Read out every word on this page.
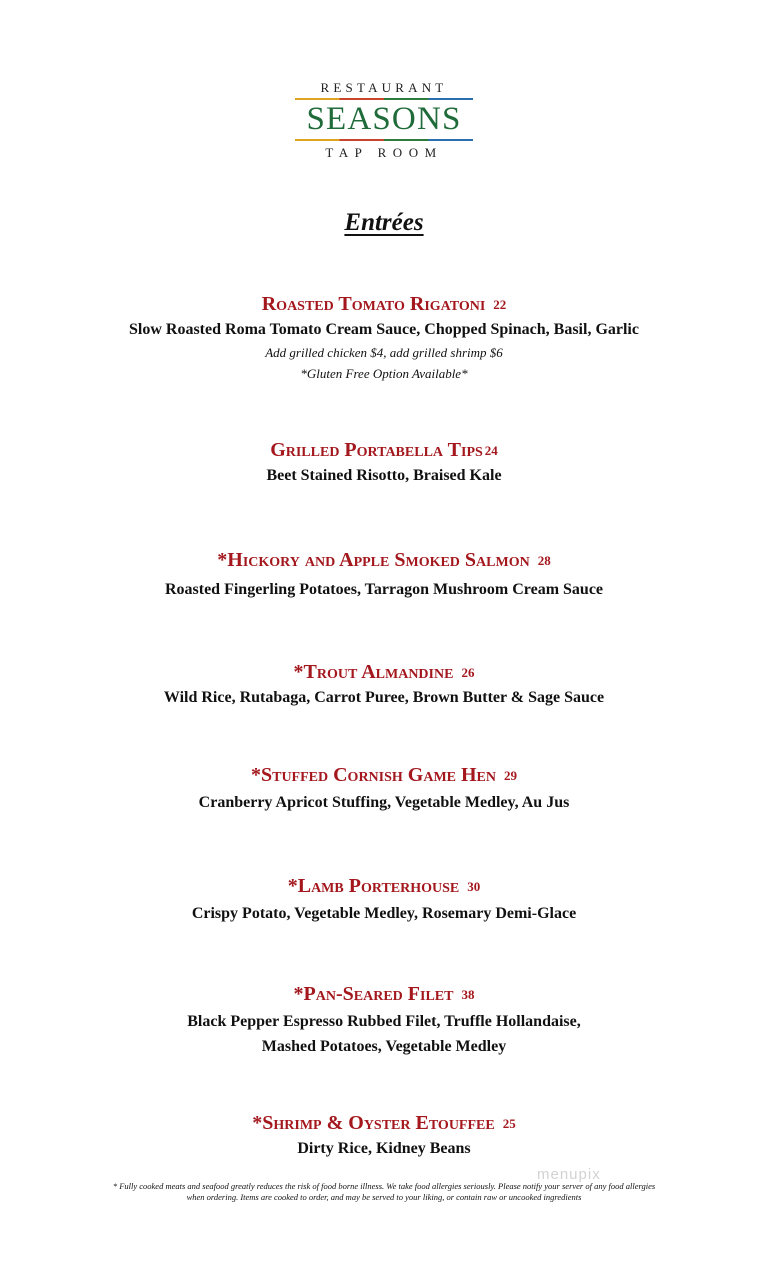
RESTAURANT
SEASONS
TAP ROOM
Entrées
Roasted Tomato Rigatoni 22
Slow Roasted Roma Tomato Cream Sauce, Chopped Spinach, Basil, Garlic
Add grilled chicken $4, add grilled shrimp $6
*Gluten Free Option Available*
Grilled Portabella Tips 24
Beet Stained Risotto, Braised Kale
*Hickory and Apple Smoked Salmon 28
Roasted Fingerling Potatoes, Tarragon Mushroom Cream Sauce
*Trout Almandine 26
Wild Rice, Rutabaga, Carrot Puree, Brown Butter & Sage Sauce
*Stuffed Cornish Game Hen 29
Cranberry Apricot Stuffing, Vegetable Medley, Au Jus
*Lamb Porterhouse 30
Crispy Potato, Vegetable Medley, Rosemary Demi-Glace
*Pan-Seared Filet 38
Black Pepper Espresso Rubbed Filet, Truffle Hollandaise,
Mashed Potatoes, Vegetable Medley
*Shrimp & Oyster Etouffee 25
Dirty Rice, Kidney Beans
* Fully cooked meats and seafood greatly reduces the risk of food borne illness. We take food allergies seriously. Please notify your server of any food allergies
when ordering. Items are cooked to order, and may be served to your liking, or contain raw or uncooked ingredients
menupix
